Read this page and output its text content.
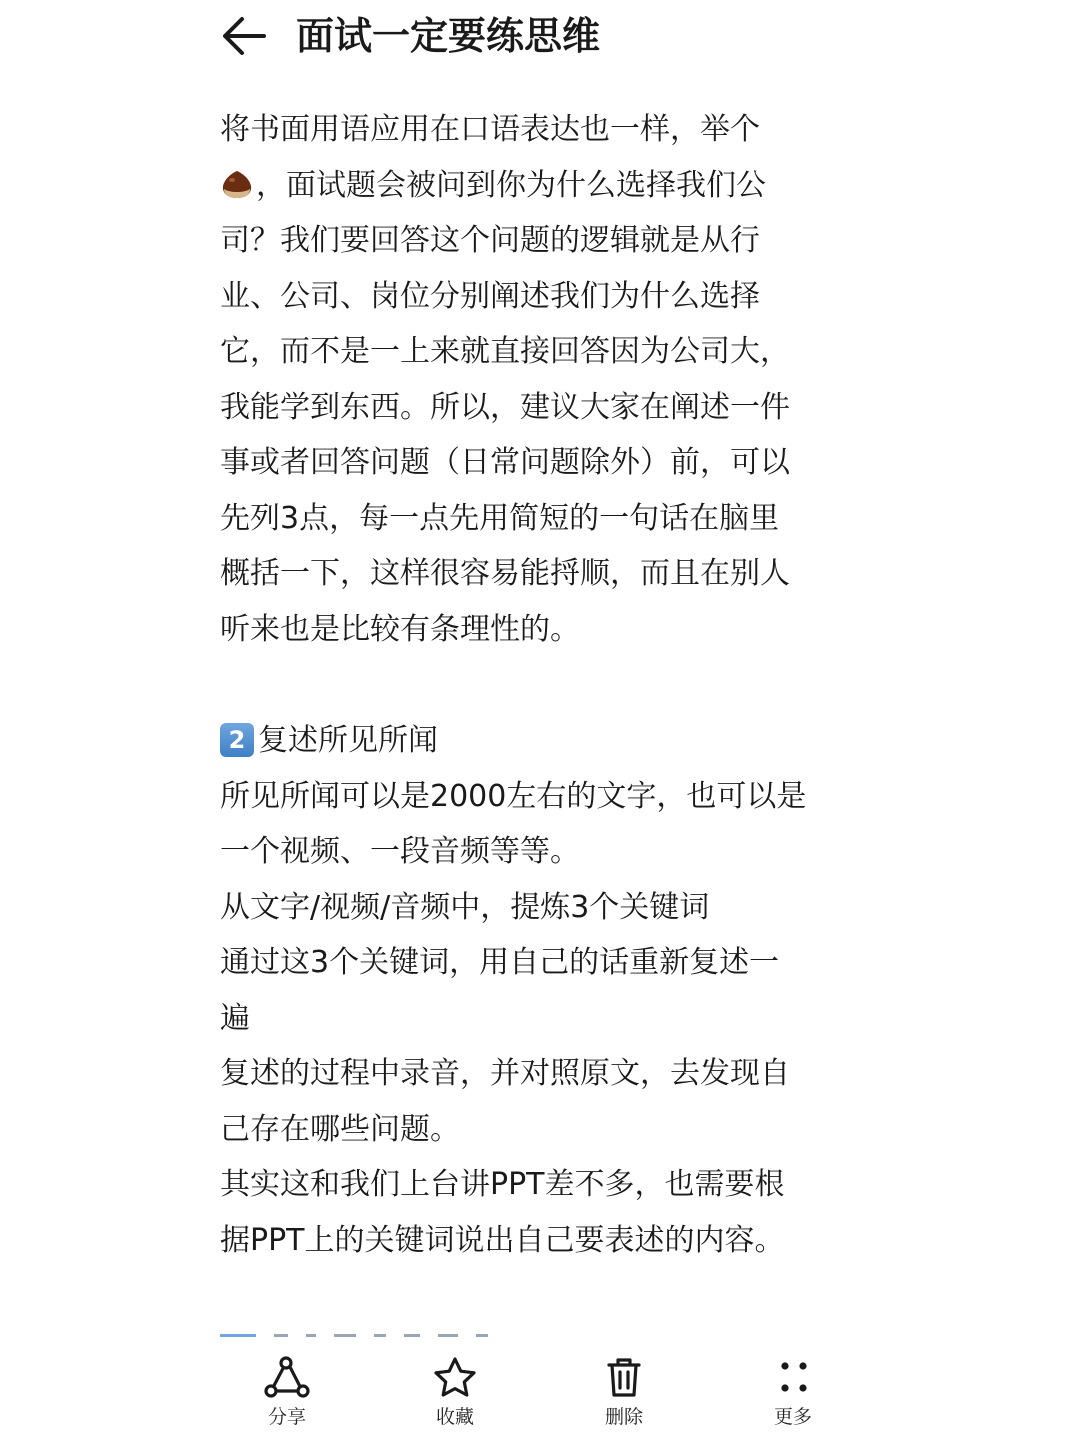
面试一定要练思维

将书面用语应用在口语表达也一样，举个

，面试题会被问到你为什么选择我们公

司？我们要回答这个问题的逻辑就是从行

业、公司、岗位分别阐述我们为什么选择

它，而不是一上来就直接回答因为公司大，

我能学到东西。所以，建议大家在阐述一件

事或者回答问题（日常问题除外）前，可以

先列3点，每一点先用简短的一句话在脑里

概括一下，这样很容易能捋顺，而且在别人

听来也是比较有条理性的。

2 复述所见所闻

所见所闻可以是2000左右的文字，也可以是

一个视频、一段音频等等。

从文字/视频/音频中，提炼3个关键词

通过这3个关键词，用自己的话重新复述一

遍

复述的过程中录音，并对照原文，去发现自

己存在哪些问题。

其实这和我们上台讲PPT差不多，也需要根

据PPT上的关键词说出自己要表述的内容。

分享	收藏	删除	更多
